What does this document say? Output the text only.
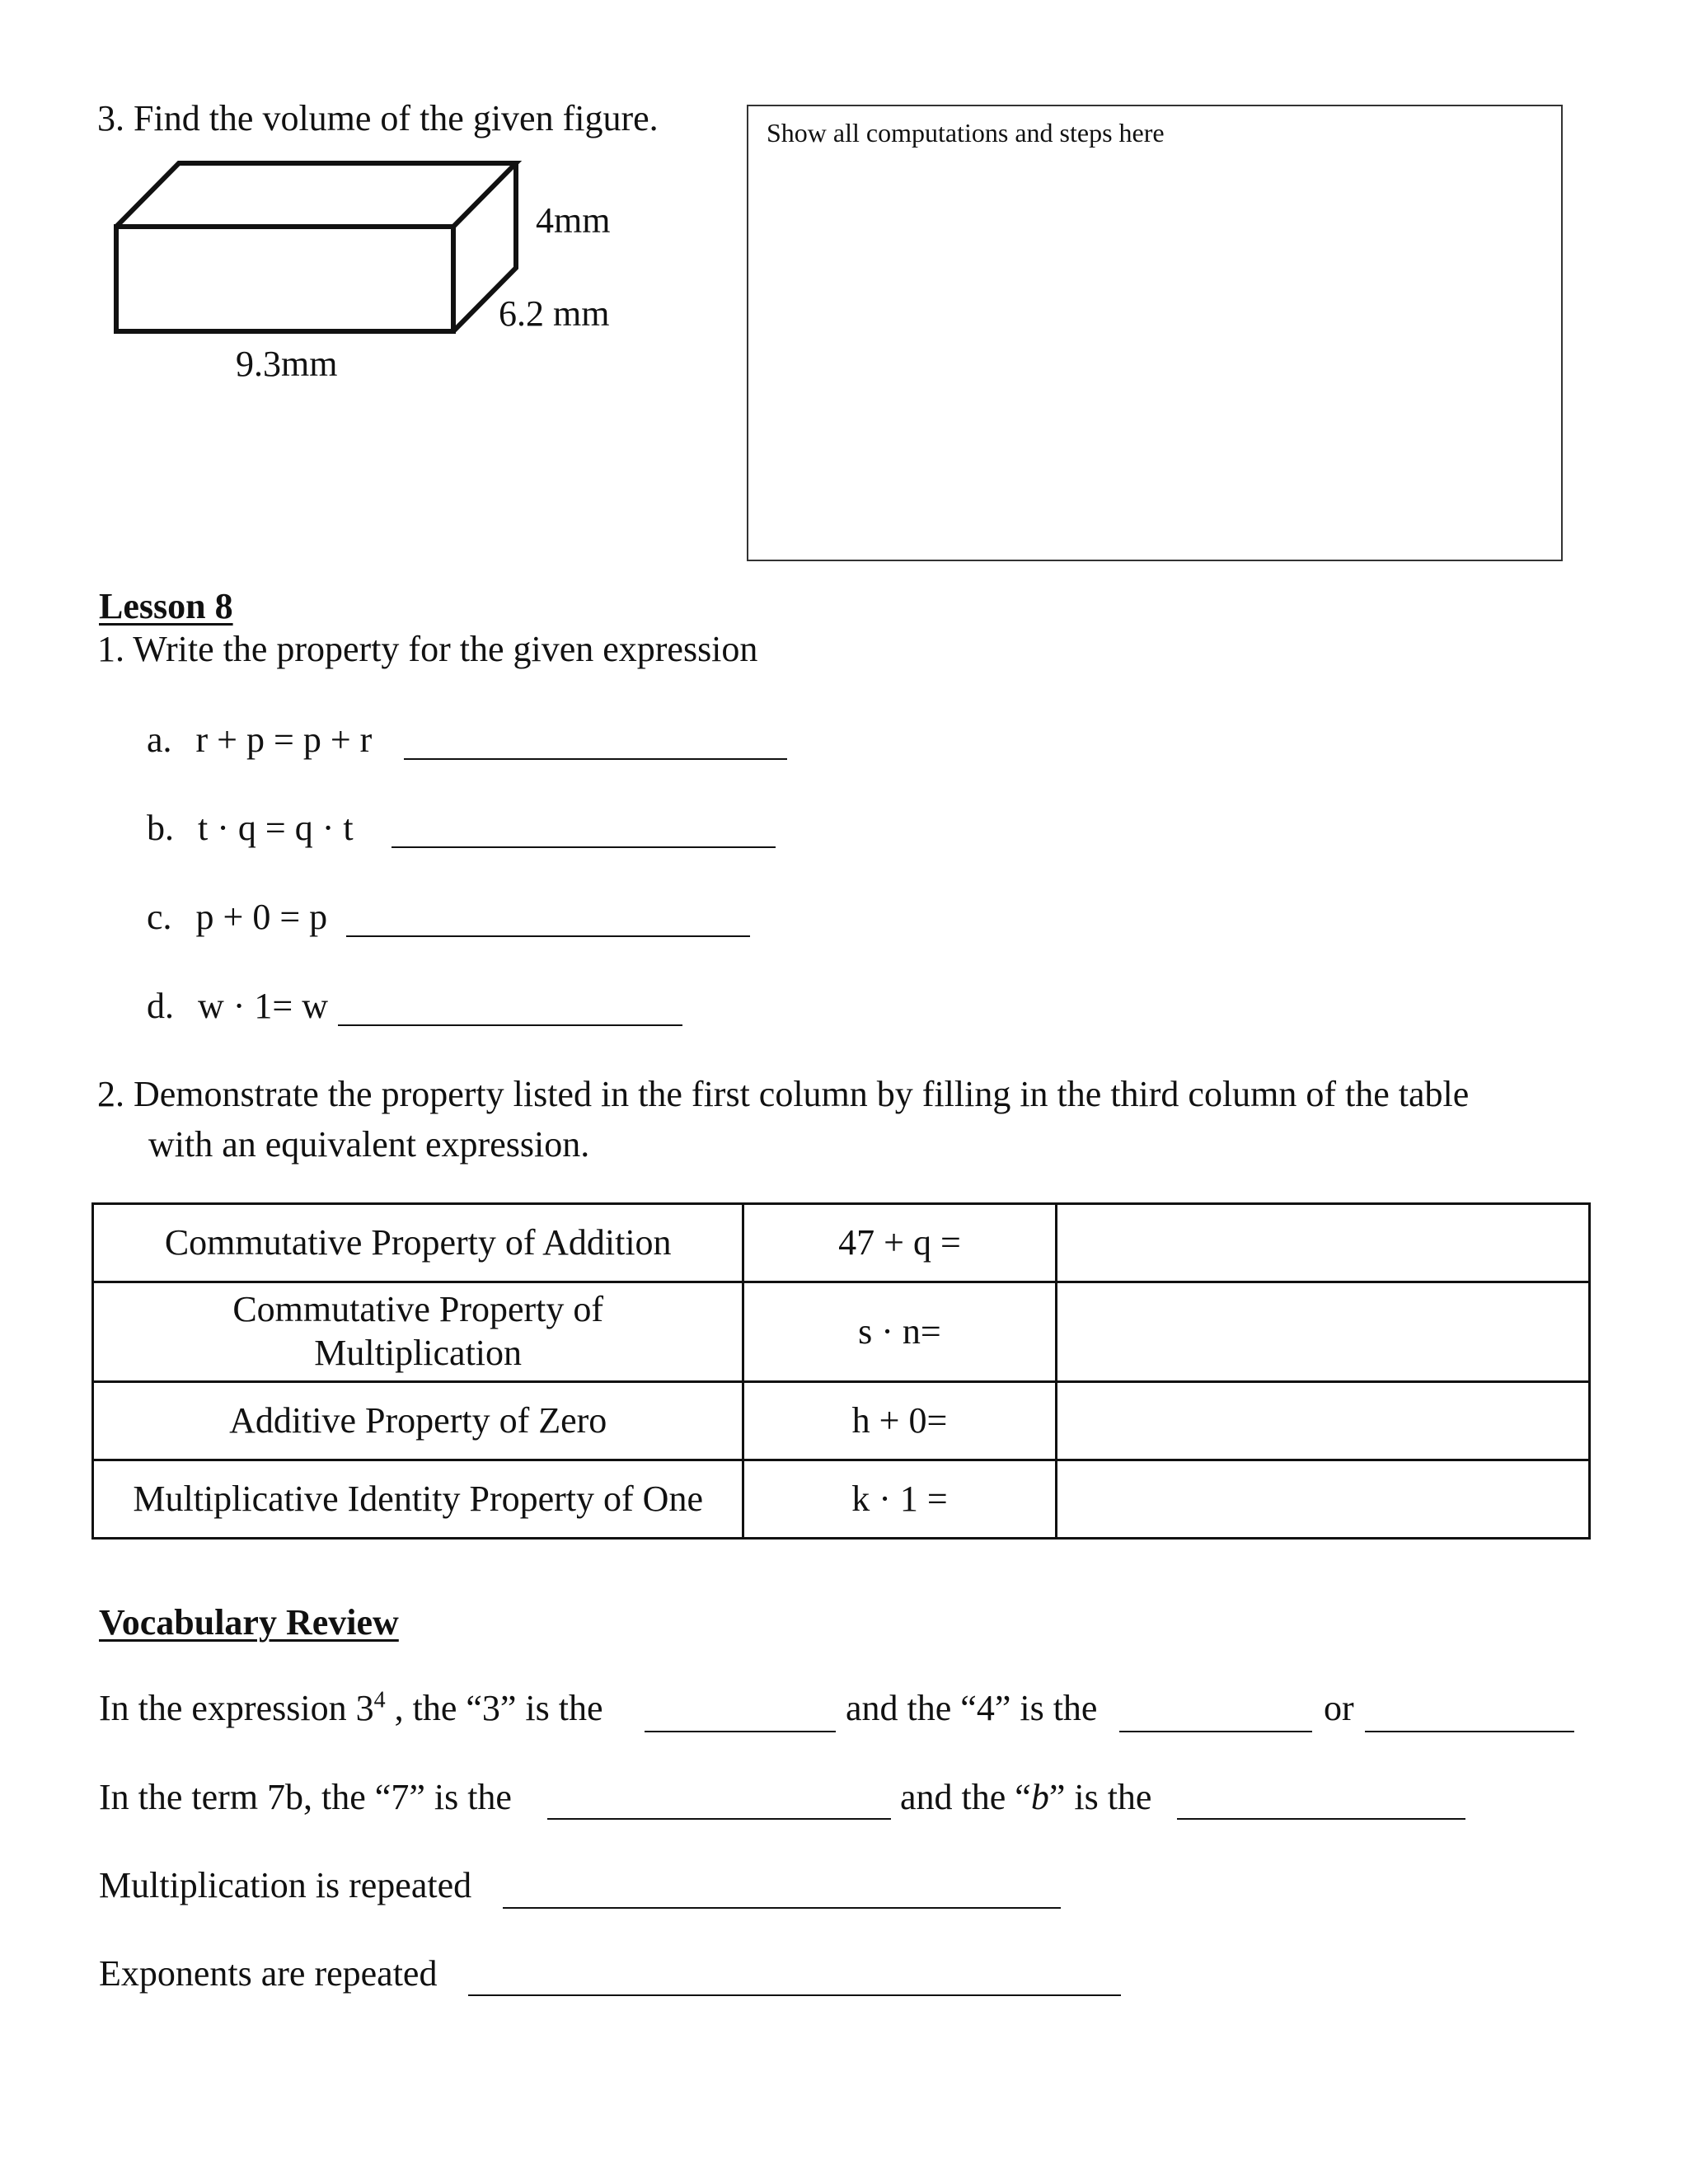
3. Find the volume of the given figure.
4mm
6.2 mm
9.3mm
Show all computations and steps here
Lesson 8
1. Write the property for the given expression
a. r + p = p + r
b. t · q = q · t
c. p + 0 = p
d. w · 1= w
2. Demonstrate the property listed in the first column by filling in the third column of the table
with an equivalent expression.
Commutative Property of Addition	47 + q =	

Commutative Property of Multiplication	s · n=	
Additive Property of Zero	h + 0=	
Multiplicative Identity Property of One	k · 1 =	
Vocabulary Review
In the expression $3^4$ , the “3” is the	and the “4” is the	or
In the term 7b, the “7” is the	and the “b” is the
Multiplication is repeated
Exponents are repeated
